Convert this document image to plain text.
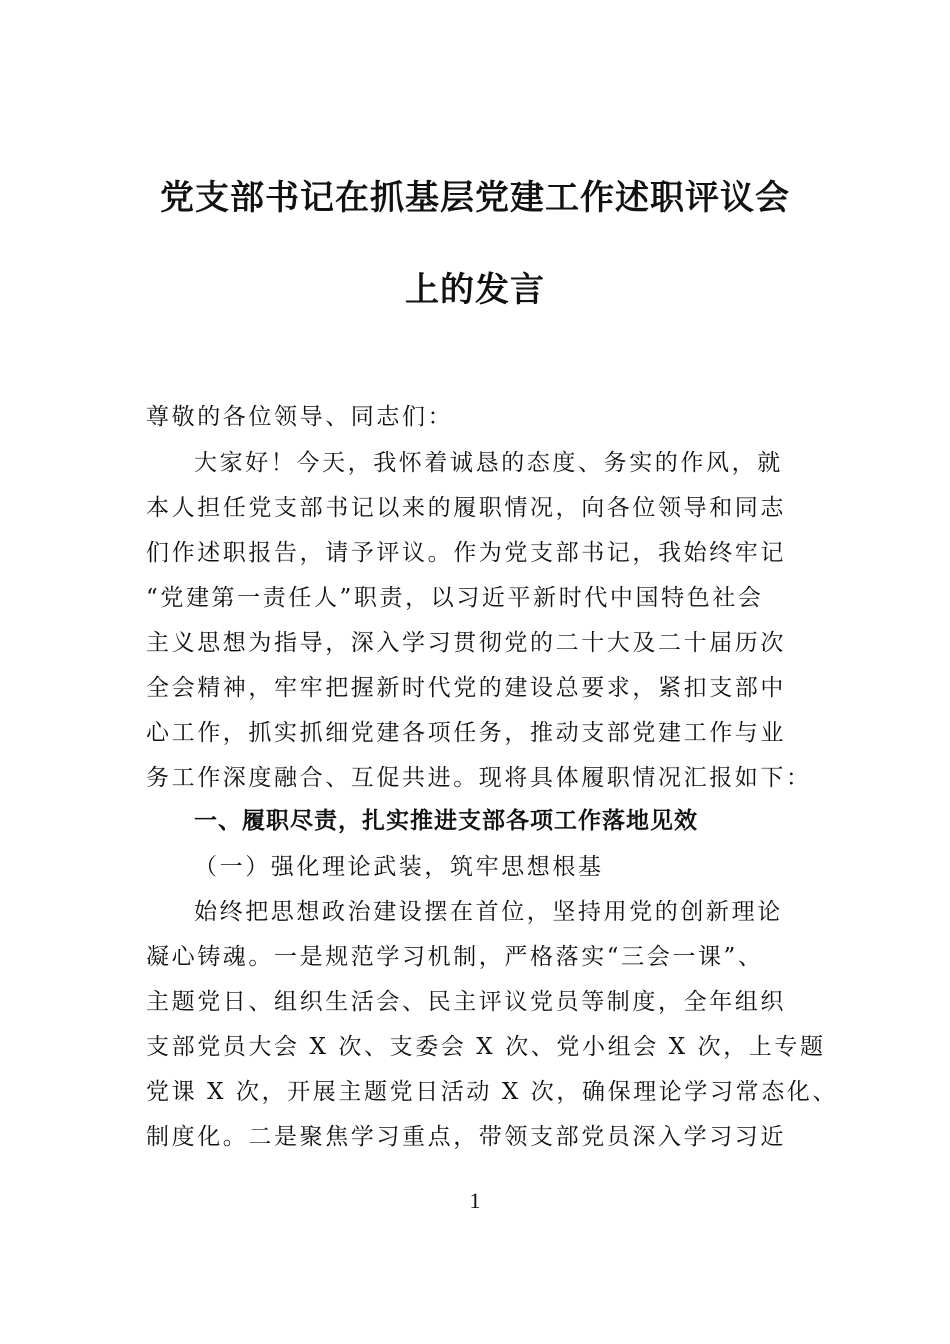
党支部书记在抓基层党建工作述职评议会
上的发言
尊敬的各位领导、同志们：
大家好！今天，我怀着诚恳的态度、务实的作风，就
本人担任党支部书记以来的履职情况，向各位领导和同志
们作述职报告，请予评议。作为党支部书记，我始终牢记
“党建第一责任人”职责，以习近平新时代中国特色社会
主义思想为指导，深入学习贯彻党的二十大及二十届历次
全会精神，牢牢把握新时代党的建设总要求，紧扣支部中
心工作，抓实抓细党建各项任务，推动支部党建工作与业
务工作深度融合、互促共进。现将具体履职情况汇报如下：
一、履职尽责，扎实推进支部各项工作落地见效
（一）强化理论武装，筑牢思想根基
始终把思想政治建设摆在首位，坚持用党的创新理论
凝心铸魂。一是规范学习机制，严格落实“三会一课”、
主题党日、组织生活会、民主评议党员等制度，全年组织
支部党员大会 X 次、支委会 X 次、党小组会 X 次，上专题
党课 X 次，开展主题党日活动 X 次，确保理论学习常态化、
制度化。二是聚焦学习重点，带领支部党员深入学习习近
1
